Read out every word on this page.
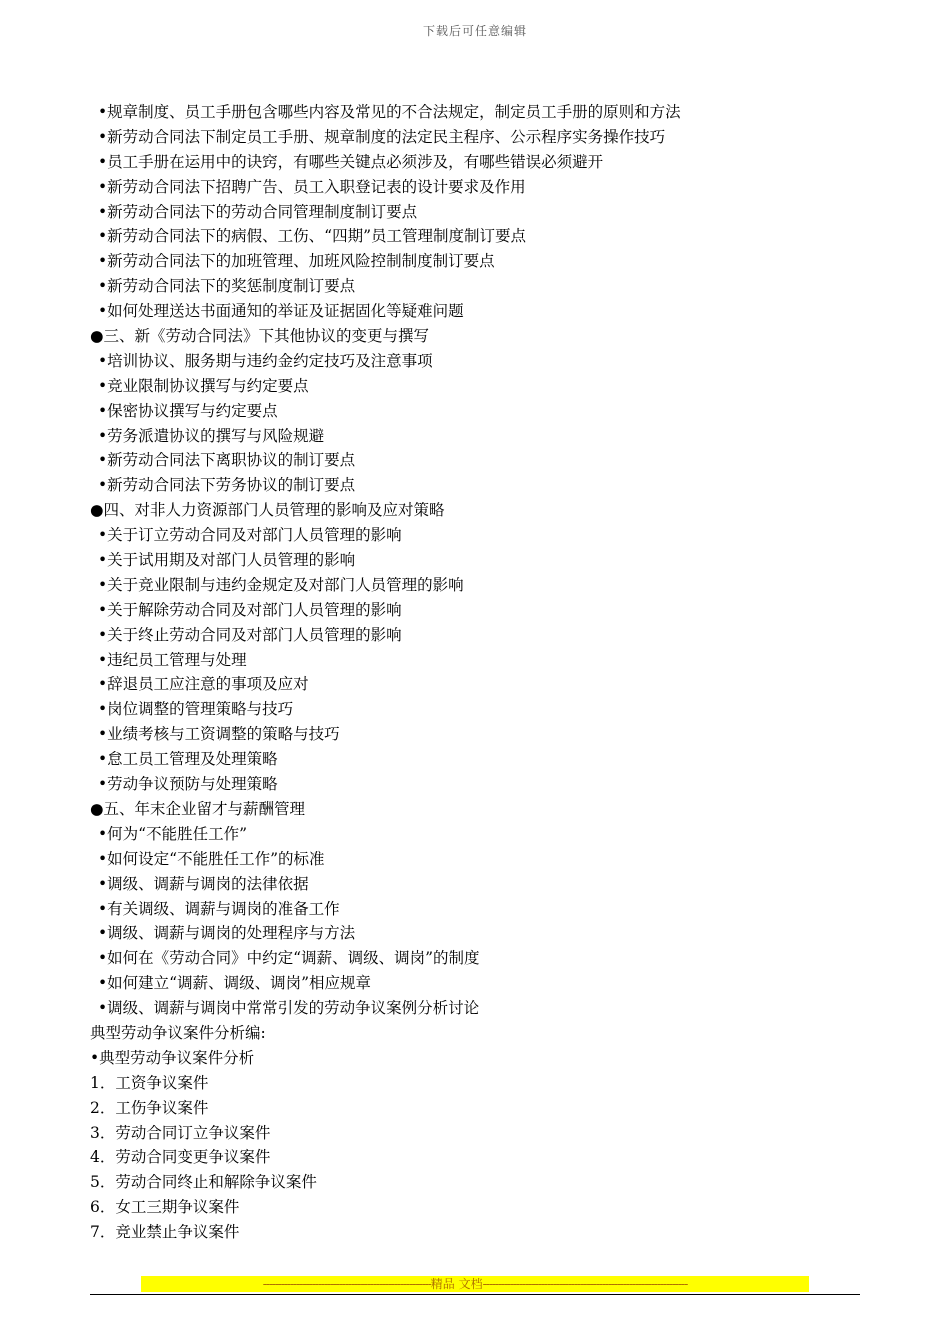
下载后可任意编辑
•规章制度、员工手册包含哪些内容及常见的不合法规定，制定员工手册的原则和方法
•新劳动合同法下制定员工手册、规章制度的法定民主程序、公示程序实务操作技巧
•员工手册在运用中的诀窍，有哪些关键点必须涉及，有哪些错误必须避开
•新劳动合同法下招聘广告、员工入职登记表的设计要求及作用
•新劳动合同法下的劳动合同管理制度制订要点
•新劳动合同法下的病假、工伤、“四期”员工管理制度制订要点
•新劳动合同法下的加班管理、加班风险控制制度制订要点
•新劳动合同法下的奖惩制度制订要点
•如何处理送达书面通知的举证及证据固化等疑难问题
●三、新《劳动合同法》下其他协议的变更与撰写
•培训协议、服务期与违约金约定技巧及注意事项
•竞业限制协议撰写与约定要点
•保密协议撰写与约定要点
•劳务派遣协议的撰写与风险规避
•新劳动合同法下离职协议的制订要点
•新劳动合同法下劳务协议的制订要点
●四、对非人力资源部门人员管理的影响及应对策略
•关于订立劳动合同及对部门人员管理的影响
•关于试用期及对部门人员管理的影响
•关于竞业限制与违约金规定及对部门人员管理的影响
•关于解除劳动合同及对部门人员管理的影响
•关于终止劳动合同及对部门人员管理的影响
•违纪员工管理与处理
•辞退员工应注意的事项及应对
•岗位调整的管理策略与技巧
•业绩考核与工资调整的策略与技巧
•怠工员工管理及处理策略
•劳动争议预防与处理策略
●五、年末企业留才与薪酬管理
•何为“不能胜任工作”
•如何设定“不能胜任工作”的标准
•调级、调薪与调岗的法律依据
•有关调级、调薪与调岗的准备工作
•调级、调薪与调岗的处理程序与方法
•如何在《劳动合同》中约定“调薪、调级、调岗”的制度
•如何建立“调薪、调级、调岗”相应规章
•调级、调薪与调岗中常常引发的劳动争议案例分析讨论
典型劳动争议案件分析编:
•典型劳动争议案件分析
1．工资争议案件
2．工伤争议案件
3．劳动合同订立争议案件
4．劳动合同变更争议案件
5．劳动合同终止和解除争议案件
6．女工三期争议案件
7．竞业禁止争议案件
-------------------------------------------------------精品 文档-------------------------------------------------------------------
